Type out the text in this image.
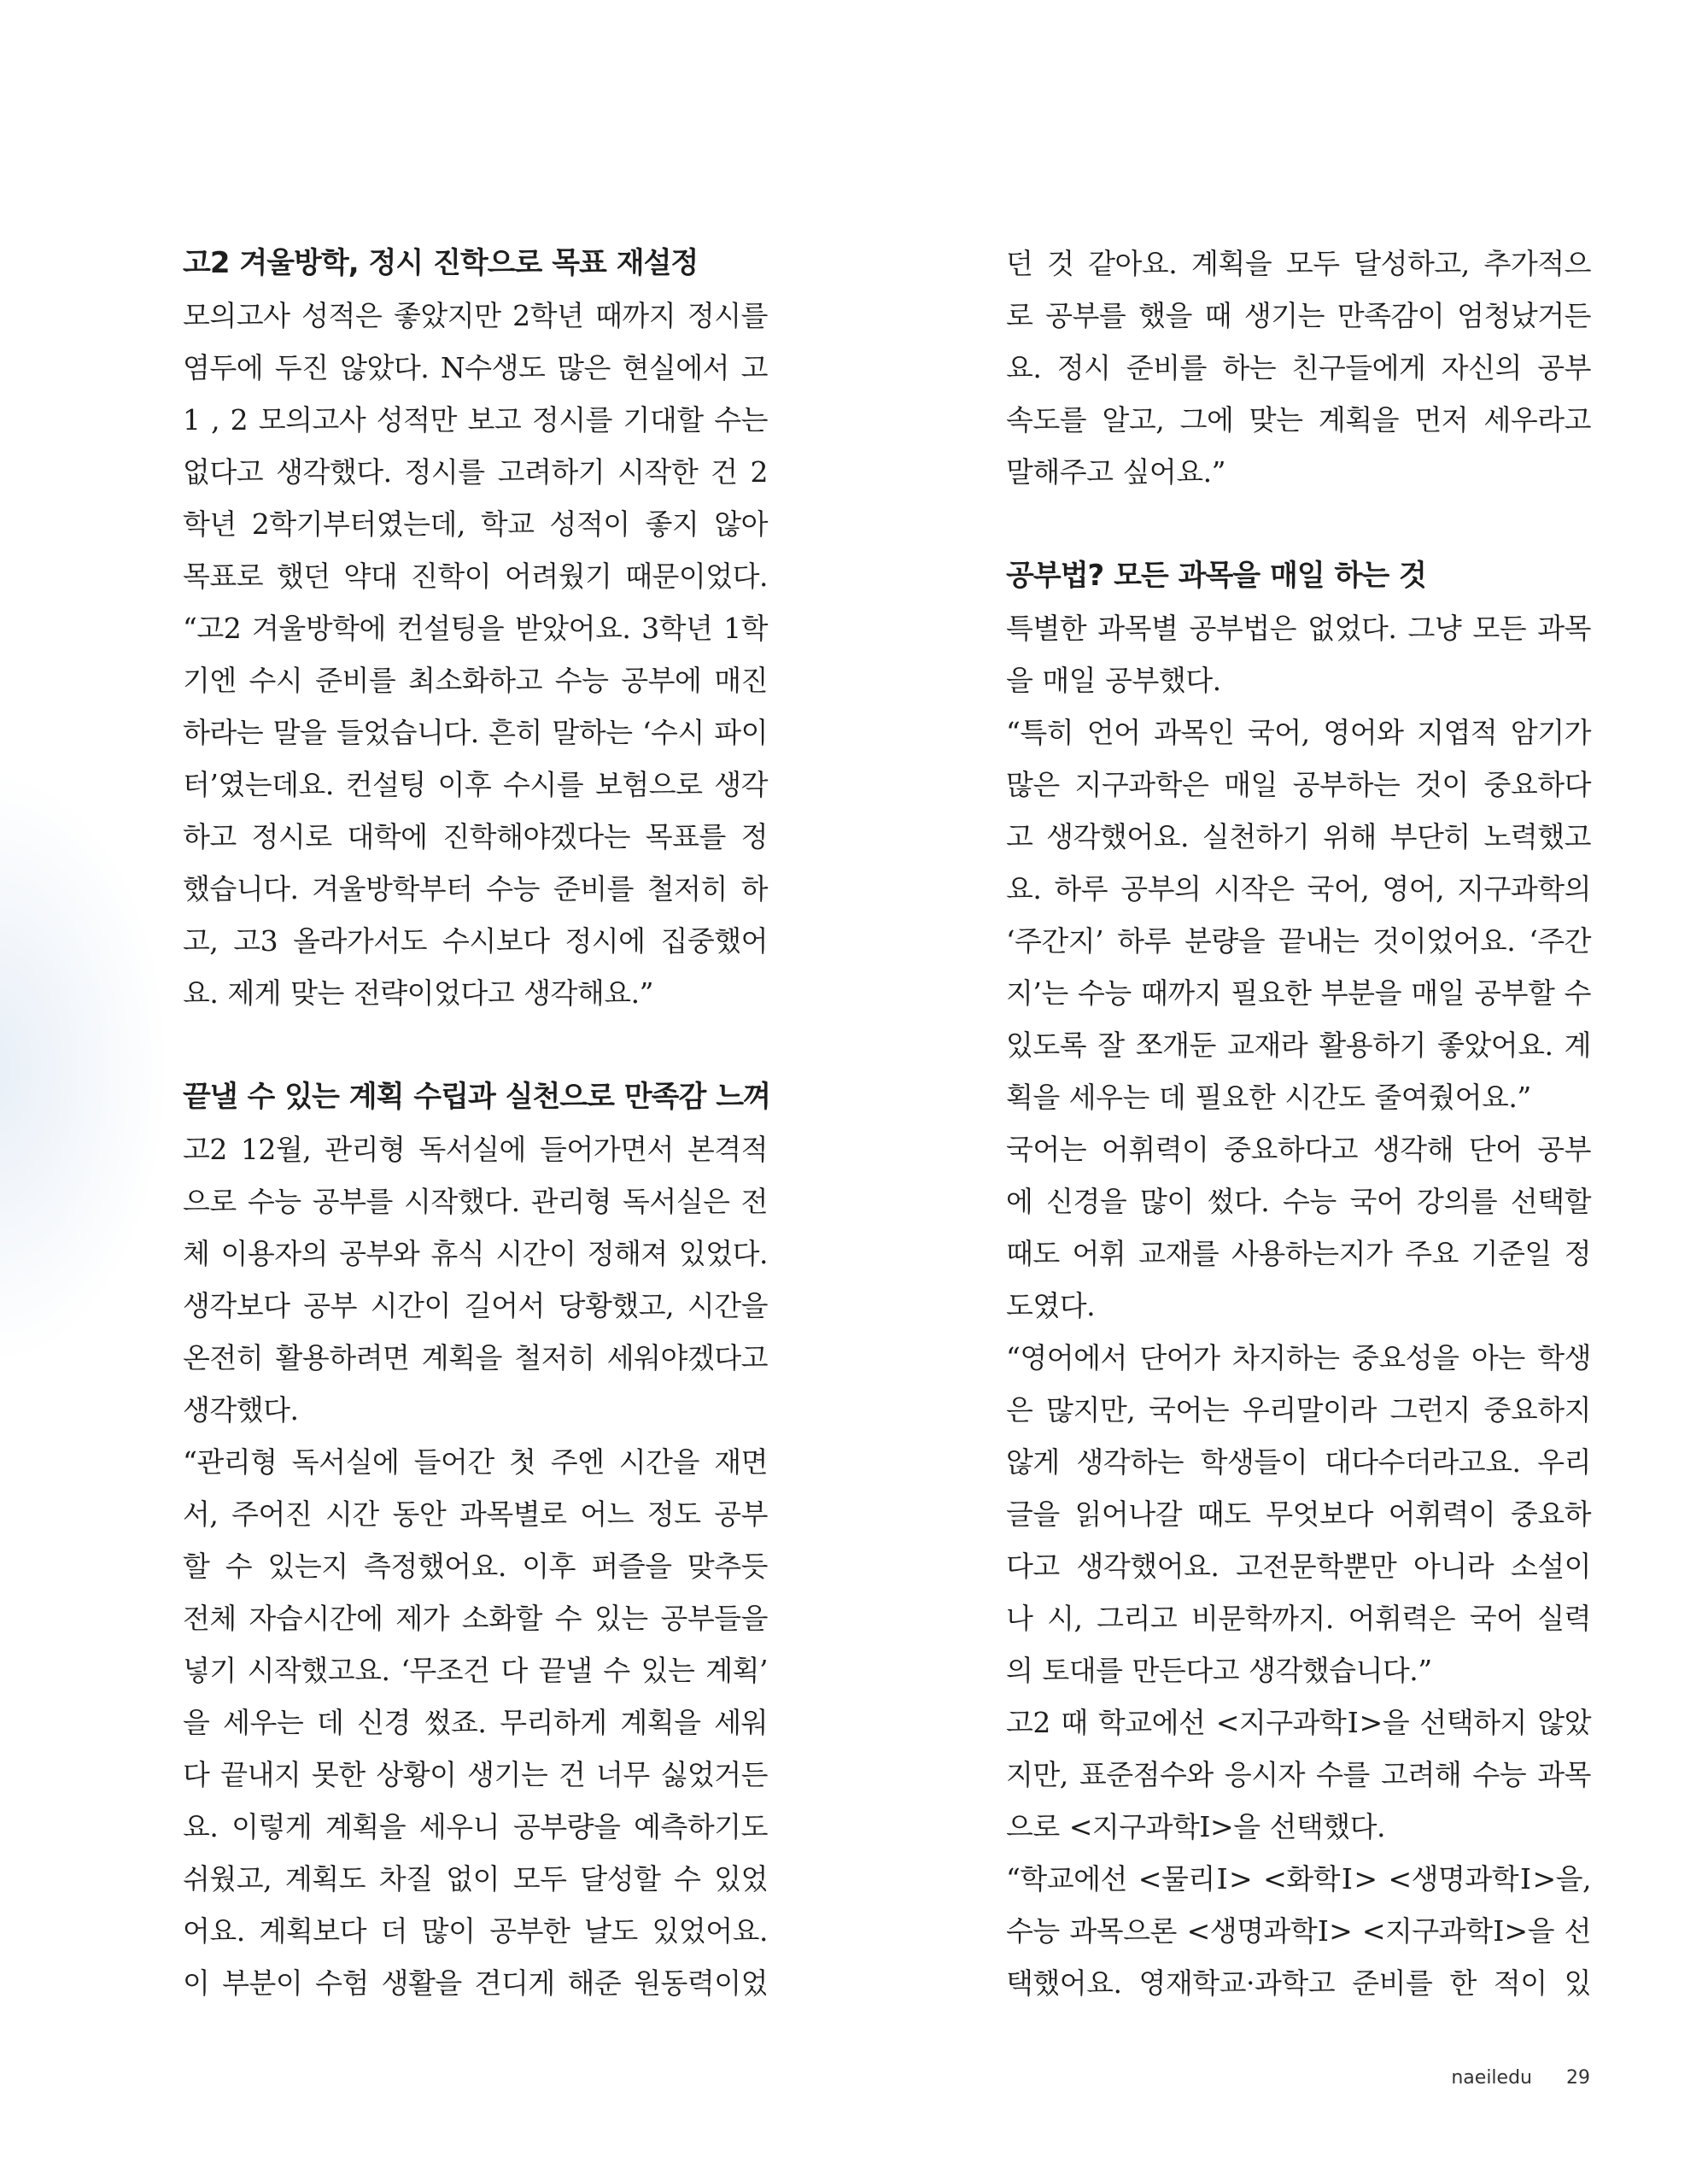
고2 겨울방학, 정시 진학으로 목표 재설정
모의고사 성적은 좋았지만 2학년 때까지 정시를
염두에 두진 않았다. N수생도 많은 현실에서 고
1 , 2 모의고사 성적만 보고 정시를 기대할 수는
없다고 생각했다. 정시를 고려하기 시작한 건 2
학년 2학기부터였는데, 학교 성적이 좋지 않아
목표로 했던 약대 진학이 어려웠기 때문이었다.
“고2 겨울방학에 컨설팅을 받았어요. 3학년 1학
기엔 수시 준비를 최소화하고 수능 공부에 매진
하라는 말을 들었습니다. 흔히 말하는 ‘수시 파이
터’였는데요. 컨설팅 이후 수시를 보험으로 생각
하고 정시로 대학에 진학해야겠다는 목표를 정
했습니다. 겨울방학부터 수능 준비를 철저히 하
고, 고3 올라가서도 수시보다 정시에 집중했어
요. 제게 맞는 전략이었다고 생각해요.”
끝낼 수 있는 계획 수립과 실천으로 만족감 느껴
고2 12월, 관리형 독서실에 들어가면서 본격적
으로 수능 공부를 시작했다. 관리형 독서실은 전
체 이용자의 공부와 휴식 시간이 정해져 있었다.
생각보다 공부 시간이 길어서 당황했고, 시간을
온전히 활용하려면 계획을 철저히 세워야겠다고
생각했다.
“관리형 독서실에 들어간 첫 주엔 시간을 재면
서, 주어진 시간 동안 과목별로 어느 정도 공부
할 수 있는지 측정했어요. 이후 퍼즐을 맞추듯
전체 자습시간에 제가 소화할 수 있는 공부들을
넣기 시작했고요. ‘무조건 다 끝낼 수 있는 계획’
을 세우는 데 신경 썼죠. 무리하게 계획을 세워
다 끝내지 못한 상황이 생기는 건 너무 싫었거든
요. 이렇게 계획을 세우니 공부량을 예측하기도
쉬웠고, 계획도 차질 없이 모두 달성할 수 있었
어요. 계획보다 더 많이 공부한 날도 있었어요.
이 부분이 수험 생활을 견디게 해준 원동력이었
던 것 같아요. 계획을 모두 달성하고, 추가적으
로 공부를 했을 때 생기는 만족감이 엄청났거든
요. 정시 준비를 하는 친구들에게 자신의 공부
속도를 알고, 그에 맞는 계획을 먼저 세우라고
말해주고 싶어요.”
공부법? 모든 과목을 매일 하는 것
특별한 과목별 공부법은 없었다. 그냥 모든 과목
을 매일 공부했다.
“특히 언어 과목인 국어, 영어와 지엽적 암기가
많은 지구과학은 매일 공부하는 것이 중요하다
고 생각했어요. 실천하기 위해 부단히 노력했고
요. 하루 공부의 시작은 국어, 영어, 지구과학의
‘주간지’ 하루 분량을 끝내는 것이었어요. ‘주간
지’는 수능 때까지 필요한 부분을 매일 공부할 수
있도록 잘 쪼개둔 교재라 활용하기 좋았어요. 계
획을 세우는 데 필요한 시간도 줄여줬어요.”
국어는 어휘력이 중요하다고 생각해 단어 공부
에 신경을 많이 썼다. 수능 국어 강의를 선택할
때도 어휘 교재를 사용하는지가 주요 기준일 정
도였다.
“영어에서 단어가 차지하는 중요성을 아는 학생
은 많지만, 국어는 우리말이라 그런지 중요하지
않게 생각하는 학생들이 대다수더라고요. 우리
글을 읽어나갈 때도 무엇보다 어휘력이 중요하
다고 생각했어요. 고전문학뿐만 아니라 소설이
나 시, 그리고 비문학까지. 어휘력은 국어 실력
의 토대를 만든다고 생각했습니다.”
고2 때 학교에선 <지구과학Ⅰ>을 선택하지 않았
지만, 표준점수와 응시자 수를 고려해 수능 과목
으로 <지구과학Ⅰ>을 선택했다.
“학교에선 <물리Ⅰ> <화학Ⅰ> <생명과학Ⅰ>을,
수능 과목으론 <생명과학Ⅰ> <지구과학Ⅰ>을 선
택했어요. 영재학교·과학고 준비를 한 적이 있
naeiledu 29
